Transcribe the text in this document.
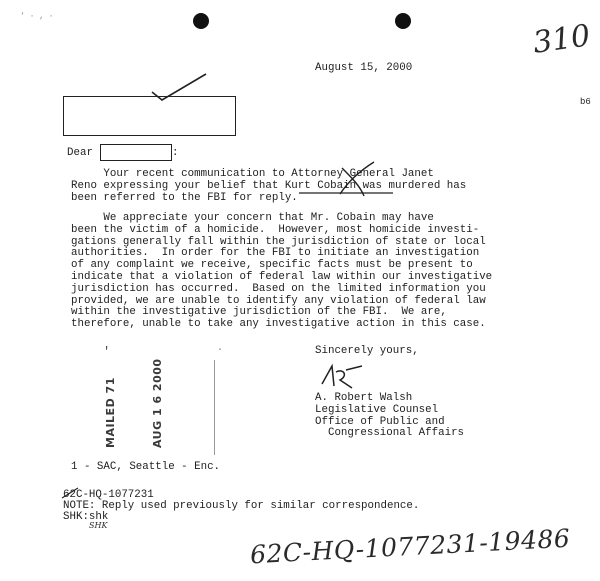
‘ · , ·
310
August 15, 2000
b6
Dear	:
Your recent communication to Attorney General Janet
Reno expressing your belief that Kurt Cobain was murdered has
been referred to the FBI for reply.
We appreciate your concern that Mr. Cobain may have
been the victim of a homicide.  However, most homicide investi-
gations generally fall within the jurisdiction of state or local
authorities.  In order for the FBI to initiate an investigation
of any complaint we receive, specific facts must be present to
indicate that a violation of federal law within our investigative
jurisdiction has occurred.  Based on the limited information you
provided, we are unable to identify any violation of federal law
within the investigative jurisdiction of the FBI.  We are,
therefore, unable to take any investigative action in this case.
Sincerely yours,
A. Robert Walsh
Legislative Counsel
Office of Public and
Congressional Affairs
′	·
MAILED 71	AUG 1 6 2000
1 - SAC, Seattle - Enc.
62C-HQ-1077231
NOTE: Reply used previously for similar correspondence.
SHK:shk
SHK	62C-HQ-1077231-19486
